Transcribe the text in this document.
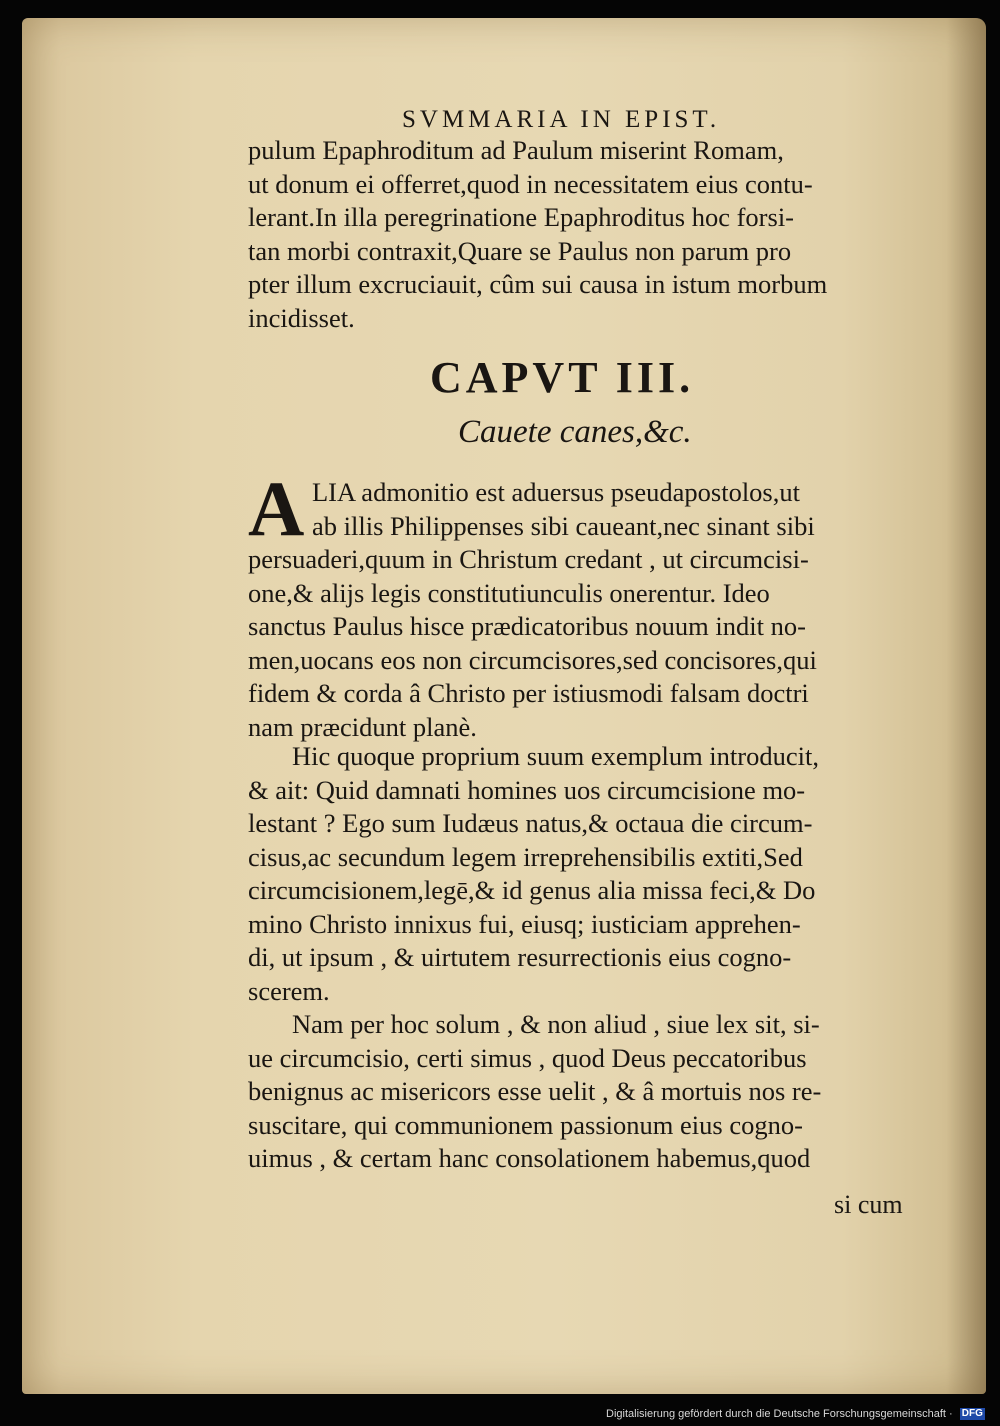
SVMMARIA IN EPIST.
pulum Epaphroditum ad Paulum miserint Romam,
ut donum ei offerret,quod in necessitatem eius contu-
lerant.In illa peregrinatione Epaphroditus hoc forsi-
tan morbi contraxit,Quare se Paulus non parum pro
pter illum excruciauit, cûm sui causa in istum morbum
incidisset.
CAPVT III.
Cauete canes,&c.
A LIA admonitio est aduersus pseudapostolos,ut
ab illis Philippenses sibi caueant,nec sinant sibi
persuaderi,quum in Christum credant , ut circumcisi-
one,& alijs legis constitutiunculis onerentur. Ideo
sanctus Paulus hisce prædicatoribus nouum indit no-
men,uocans eos non circumcisores,sed concisores,qui
fidem & corda â Christo per istiusmodi falsam doctri
nam præcidunt planè.
Hic quoque proprium suum exemplum introducit,
& ait: Quid damnati homines uos circumcisione mo-
lestant ? Ego sum Iudæus natus,& octaua die circum-
cisus,ac secundum legem irreprehensibilis extiti,Sed
circumcisionem,legē,& id genus alia missa feci,& Do
mino Christo innixus fui, eiusq; iusticiam apprehen-
di, ut ipsum , & uirtutem resurrectionis eius cogno-
scerem.
Nam per hoc solum , & non aliud , siue lex sit, si-
ue circumcisio, certi simus , quod Deus peccatoribus
benignus ac misericors esse uelit , & â mortuis nos re-
suscitare, qui communionem passionum eius cogno-
uimus , & certam hanc consolationem habemus,quod
si cum
Digitalisierung gefördert durch die Deutsche Forschungsgemeinschaft · DFG
